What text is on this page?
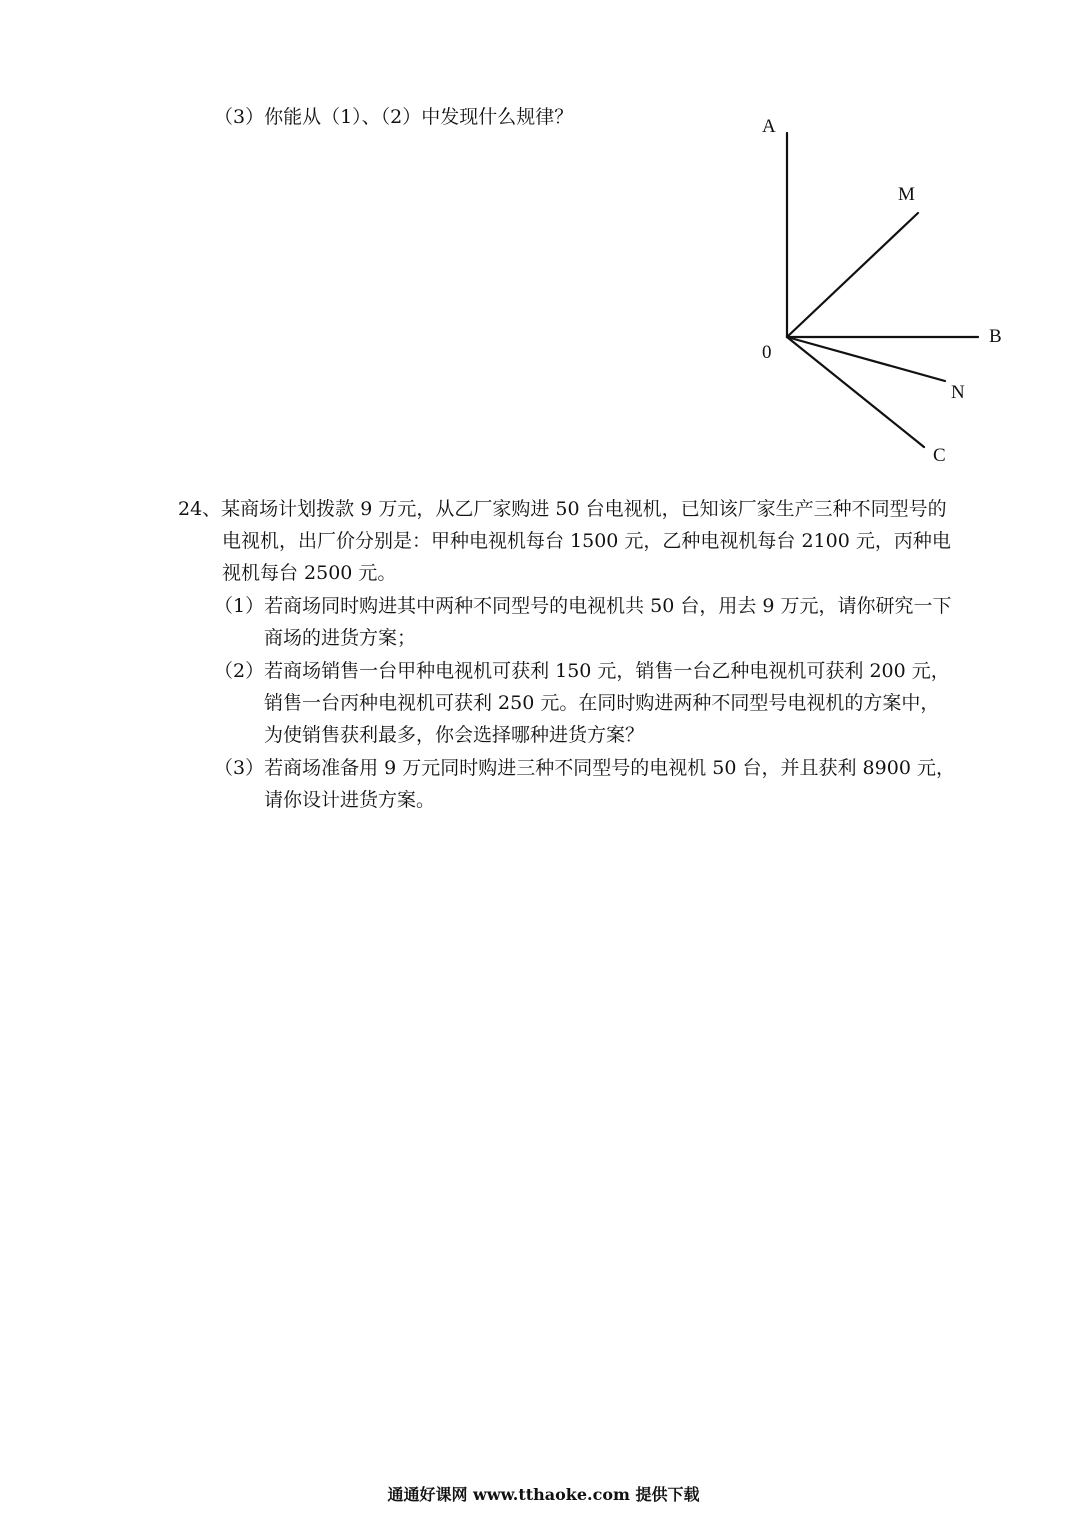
（3）你能从（1）、（2）中发现什么规律？	A
M
B
0
N
C
24、某商场计划拨款 9 万元，从乙厂家购进 50 台电视机，已知该厂家生产三种不同型号的
电视机，出厂价分别是：甲种电视机每台 1500 元，乙种电视机每台 2100 元，丙种电
视机每台 2500 元。
（1）若商场同时购进其中两种不同型号的电视机共 50 台，用去 9 万元，请你研究一下
商场的进货方案；
（2）若商场销售一台甲种电视机可获利 150 元，销售一台乙种电视机可获利 200 元，
销售一台丙种电视机可获利 250 元。在同时购进两种不同型号电视机的方案中，
为使销售获利最多，你会选择哪种进货方案？
（3）若商场准备用 9 万元同时购进三种不同型号的电视机 50 台，并且获利 8900 元，
请你设计进货方案。
通通好课网 www.tthaoke.com 提供下载
